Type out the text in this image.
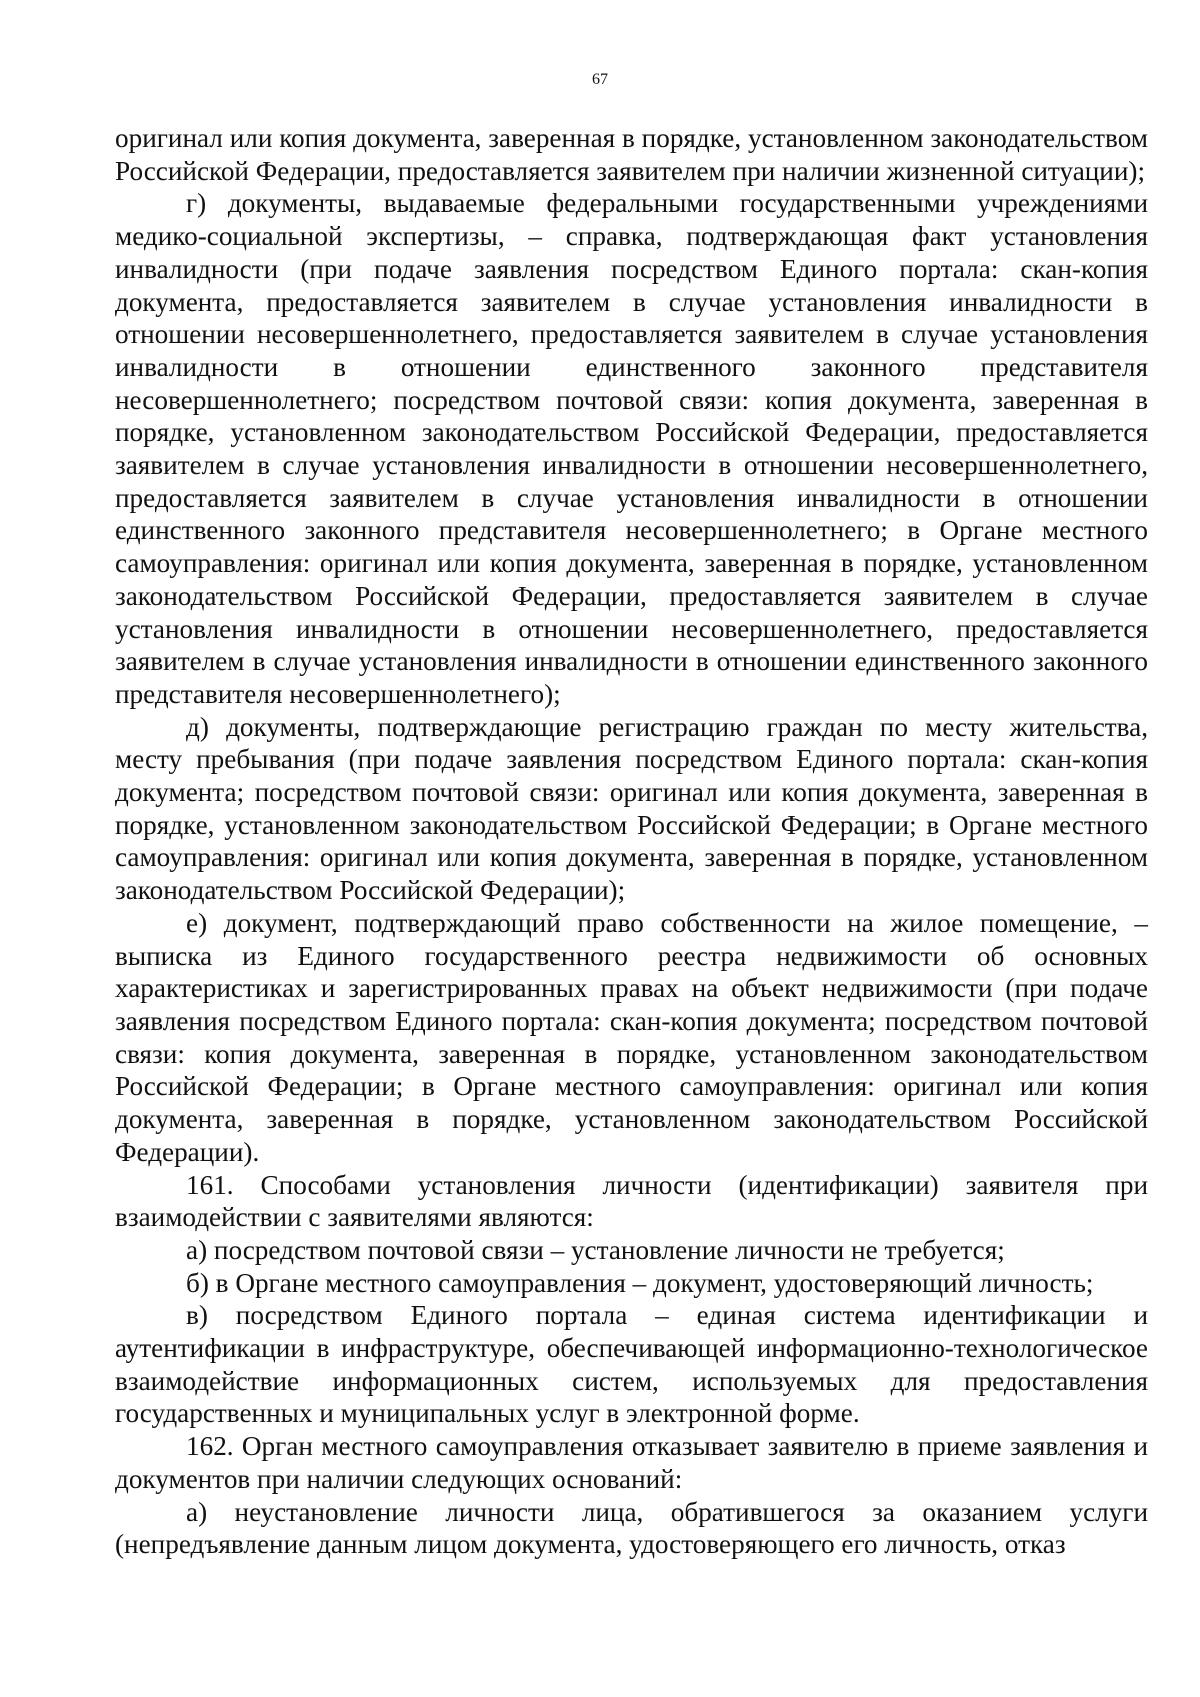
67

оригинал или копия документа, заверенная в порядке, установленном законодательством Российской Федерации, предоставляется заявителем при наличии жизненной ситуации);

г) документы, выдаваемые федеральными государственными учреждениями медико-социальной экспертизы, – справка, подтверждающая факт установления инвалидности (при подаче заявления посредством Единого портала: скан-копия документа, предоставляется заявителем в случае установления инвалидности в отношении несовершеннолетнего, предоставляется заявителем в случае установления инвалидности в отношении единственного законного представителя несовершеннолетнего; посредством почтовой связи: копия документа, заверенная в порядке, установленном законодательством Российской Федерации, предоставляется заявителем в случае установления инвалидности в отношении несовершеннолетнего, предоставляется заявителем в случае установления инвалидности в отношении единственного законного представителя несовершеннолетнего; в Органе местного самоуправления: оригинал или копия документа, заверенная в порядке, установленном законодательством Российской Федерации, предоставляется заявителем в случае установления инвалидности в отношении несовершеннолетнего, предоставляется заявителем в случае установления инвалидности в отношении единственного законного представителя несовершеннолетнего);

д) документы, подтверждающие регистрацию граждан по месту жительства, месту пребывания (при подаче заявления посредством Единого портала: скан-копия документа; посредством почтовой связи: оригинал или копия документа, заверенная в порядке, установленном законодательством Российской Федерации; в Органе местного самоуправления: оригинал или копия документа, заверенная в порядке, установленном законодательством Российской Федерации);

е) документ, подтверждающий право собственности на жилое помещение, – выписка из Единого государственного реестра недвижимости об основных характеристиках и зарегистрированных правах на объект недвижимости (при подаче заявления посредством Единого портала: скан-копия документа; посредством почтовой связи: копия документа, заверенная в порядке, установленном законодательством Российской Федерации; в Органе местного самоуправления: оригинал или копия документа, заверенная в порядке, установленном законодательством Российской Федерации).

161. Способами установления личности (идентификации) заявителя при взаимодействии с заявителями являются:

а) посредством почтовой связи – установление личности не требуется;

б) в Органе местного самоуправления – документ, удостоверяющий личность;

в) посредством Единого портала – единая система идентификации и аутентификации в инфраструктуре, обеспечивающей информационно-технологическое взаимодействие информационных систем, используемых для предоставления государственных и муниципальных услуг в электронной форме.

162. Орган местного самоуправления отказывает заявителю в приеме заявления и документов при наличии следующих оснований:

а) неустановление личности лица, обратившегося за оказанием услуги (непредъявление данным лицом документа, удостоверяющего его личность, отказ
